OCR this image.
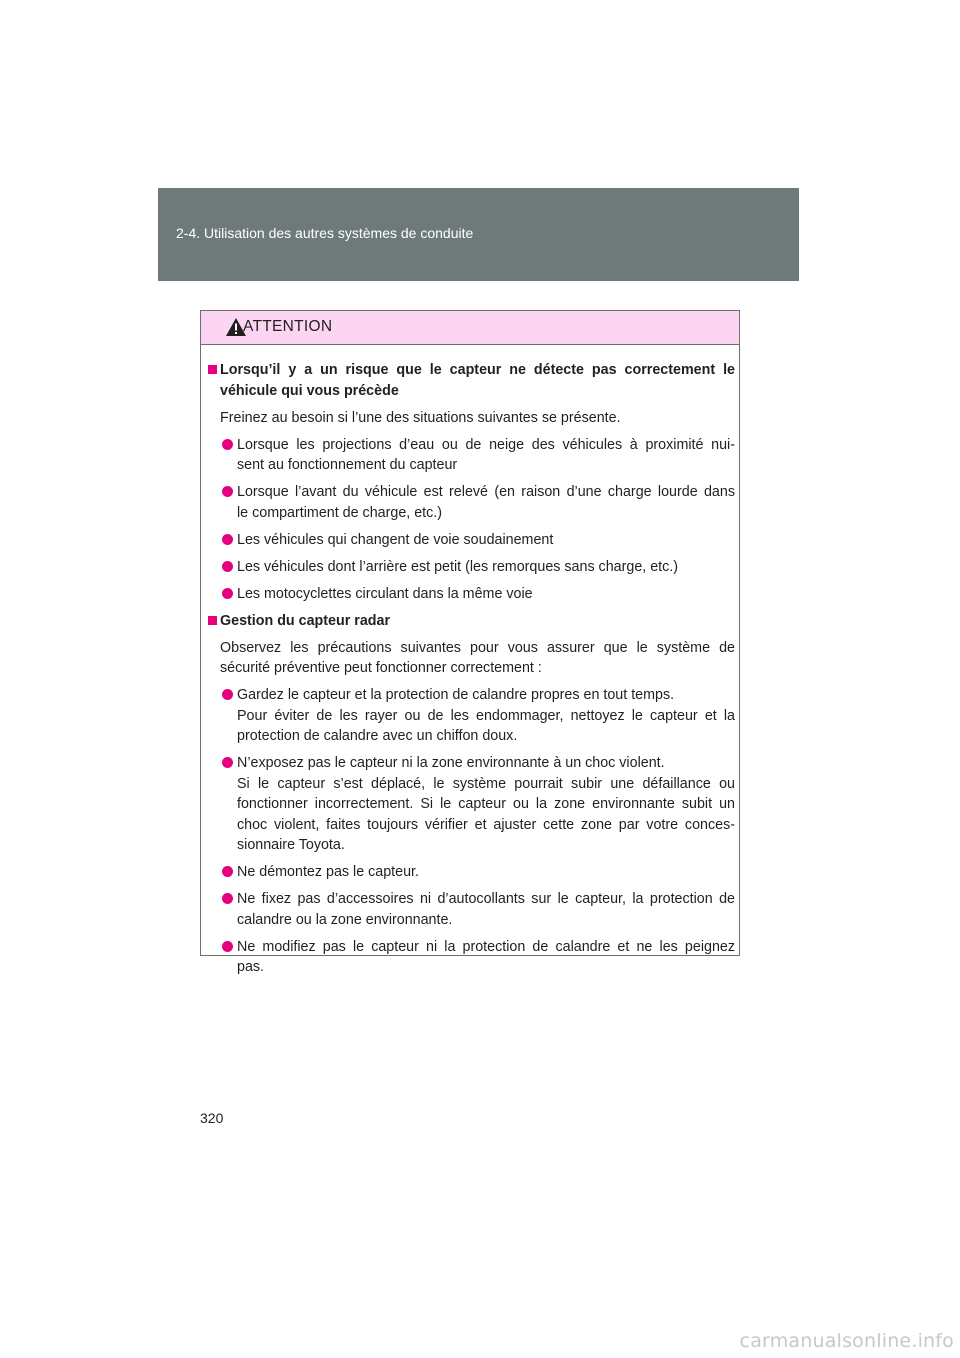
2-4. Utilisation des autres systèmes de conduite
ATTENTION
Lorsqu’il y a un risque que le capteur ne détecte pas correctement le
véhicule qui vous précède
Freinez au besoin si l’une des situations suivantes se présente.
Lorsque les projections d’eau ou de neige des véhicules à proximité nui-
sent au fonctionnement du capteur
Lorsque l’avant du véhicule est relevé (en raison d’une charge lourde dans
le compartiment de charge, etc.)
Les véhicules qui changent de voie soudainement
Les véhicules dont l’arrière est petit (les remorques sans charge, etc.)
Les motocyclettes circulant dans la même voie
Gestion du capteur radar
Observez les précautions suivantes pour vous assurer que le système de
sécurité préventive peut fonctionner correctement :
Gardez le capteur et la protection de calandre propres en tout temps.
Pour éviter de les rayer ou de les endommager, nettoyez le capteur et la
protection de calandre avec un chiffon doux.
N’exposez pas le capteur ni la zone environnante à un choc violent.
Si le capteur s’est déplacé, le système pourrait subir une défaillance ou
fonctionner incorrectement. Si le capteur ou la zone environnante subit un
choc violent, faites toujours vérifier et ajuster cette zone par votre conces-
sionnaire Toyota.
Ne démontez pas le capteur.
Ne fixez pas d’accessoires ni d’autocollants sur le capteur, la protection de
calandre ou la zone environnante.
Ne modifiez pas le capteur ni la protection de calandre et ne les peignez
pas.
320
carmanualsonline.info
